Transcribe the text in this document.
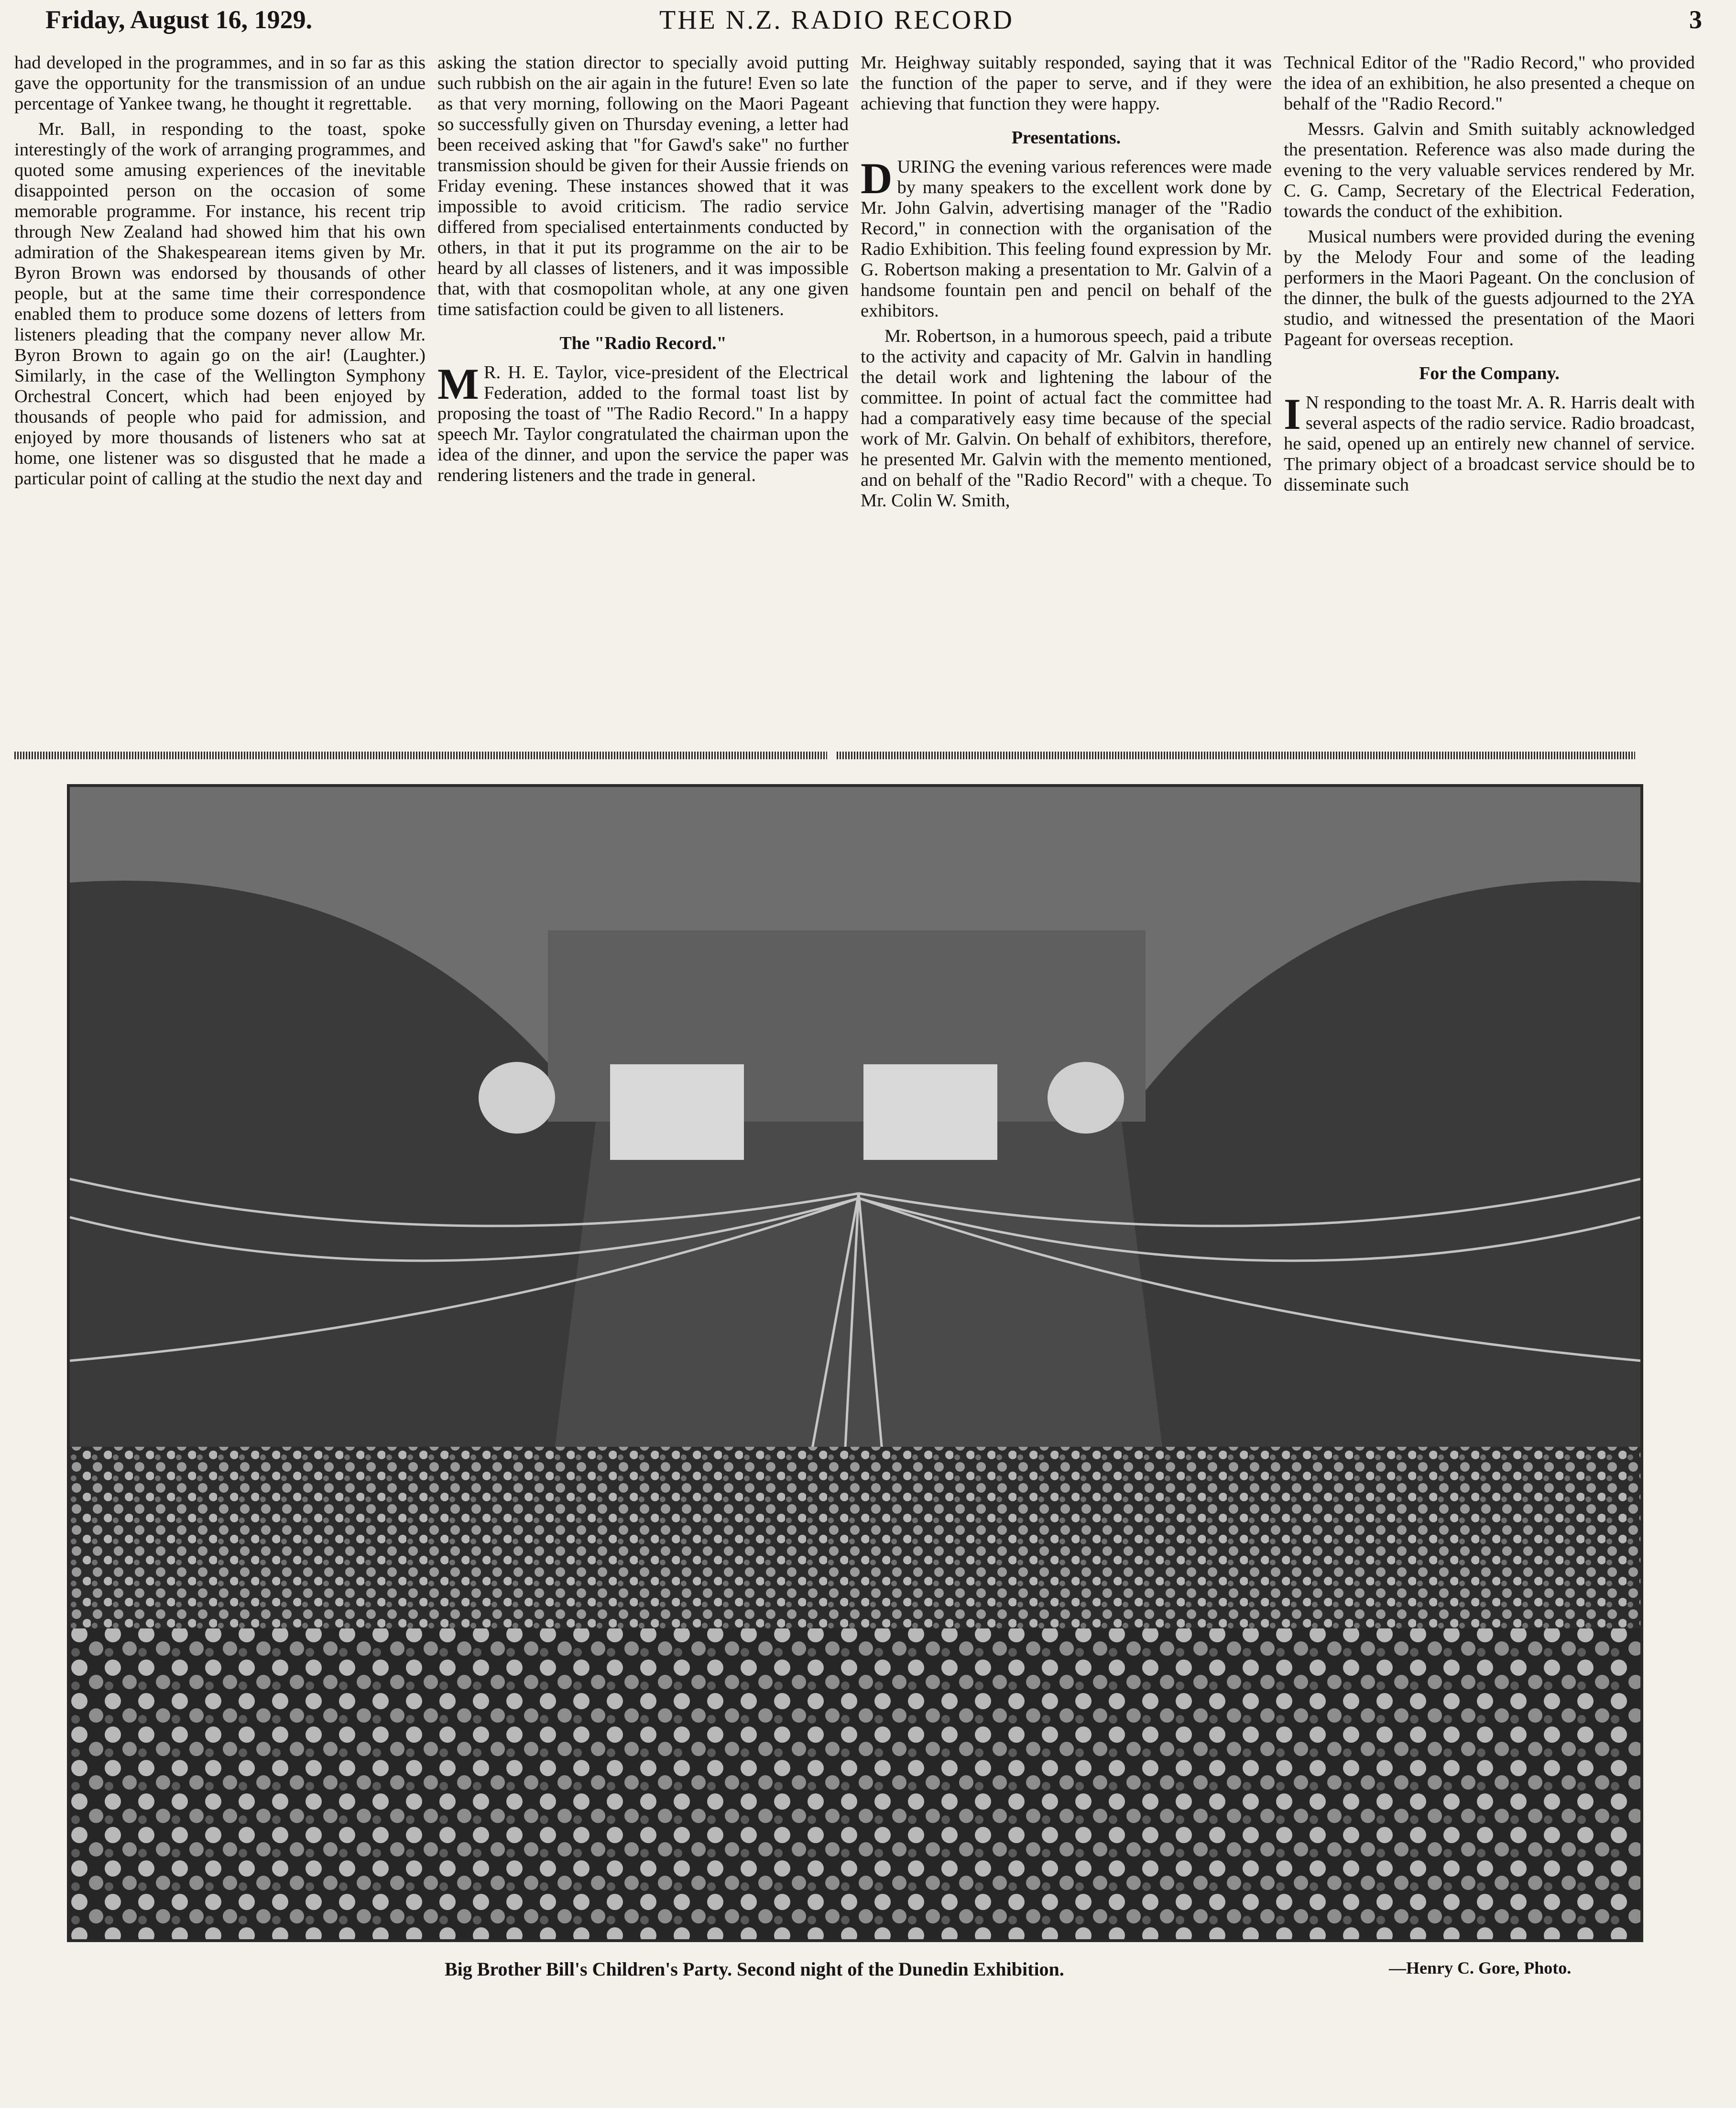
Friday, August 16, 1929.	THE N.Z. RADIO RECORD	3

had developed in the programmes, and in so far as this gave the opportunity for the transmission of an undue percentage of Yankee twang, he thought it regrettable.

Mr. Ball, in responding to the toast, spoke interestingly of the work of arranging programmes, and quoted some amusing experiences of the inevitable disappointed person on the occasion of some memorable programme. For instance, his recent trip through New Zealand had showed him that his own admiration of the Shakespearean items given by Mr. Byron Brown was endorsed by thousands of other people, but at the same time their correspondence enabled them to produce some dozens of letters from listeners pleading that the company never allow Mr. Byron Brown to again go on the air! (Laughter.) Similarly, in the case of the Wellington Symphony Orchestral Concert, which had been enjoyed by thousands of people who paid for admission, and enjoyed by more thousands of listeners who sat at home, one listener was so disgusted that he made a particular point of calling at the studio the next day and

asking the station director to specially avoid putting such rubbish on the air again in the future! Even so late as that very morning, following on the Maori Pageant so successfully given on Thursday evening, a letter had been received asking that "for Gawd's sake" no further transmission should be given for their Aussie friends on Friday evening. These instances showed that it was impossible to avoid criticism. The radio service differed from specialised entertainments conducted by others, in that it put its programme on the air to be heard by all classes of listeners, and it was impossible that, with that cosmopolitan whole, at any one given time satisfaction could be given to all listeners.

The "Radio Record."

M R. H. E. Taylor, vice-president of the Electrical Federation, added to the formal toast list by proposing the toast of "The Radio Record." In a happy speech Mr. Taylor congratulated the chairman upon the idea of the dinner, and upon the service the paper was rendering listeners and the trade in general.

Mr. Heighway suitably responded, saying that it was the function of the paper to serve, and if they were achieving that function they were happy.

Presentations.

DURING the evening various references were made by many speakers to the excellent work done by Mr. John Galvin, advertising manager of the "Radio Record," in connection with the organisation of the Radio Exhibition. This feeling found expression by Mr. G. Robertson making a presentation to Mr. Galvin of a handsome fountain pen and pencil on behalf of the exhibitors.

Mr. Robertson, in a humorous speech, paid a tribute to the activity and capacity of Mr. Galvin in handling the detail work and lightening the labour of the committee. In point of actual fact the committee had had a comparatively easy time because of the special work of Mr. Galvin. On behalf of exhibitors, therefore, he presented Mr. Galvin with the memento mentioned, and on behalf of the "Radio Record" with a cheque. To Mr. Colin W. Smith,

Technical Editor of the "Radio Record," who provided the idea of an exhibition, he also presented a cheque on behalf of the "Radio Record."

Messrs. Galvin and Smith suitably acknowledged the presentation. Reference was also made during the evening to the very valuable services rendered by Mr. C. G. Camp, Secretary of the Electrical Federation, towards the conduct of the exhibition.

Musical numbers were provided during the evening by the Melody Four and some of the leading performers in the Maori Pageant. On the conclusion of the dinner, the bulk of the guests adjourned to the 2YA studio, and witnessed the presentation of the Maori Pageant for overseas reception.

For the Company.

I N responding to the toast Mr. A. R. Harris dealt with several aspects of the radio service. Radio broadcast, he said, opened up an entirely new channel of service. The primary object of a broadcast service should be to disseminate such

Big Brother Bill's Children's Party. Second night of the Dunedin Exhibition.	—Henry C. Gore, Photo.
